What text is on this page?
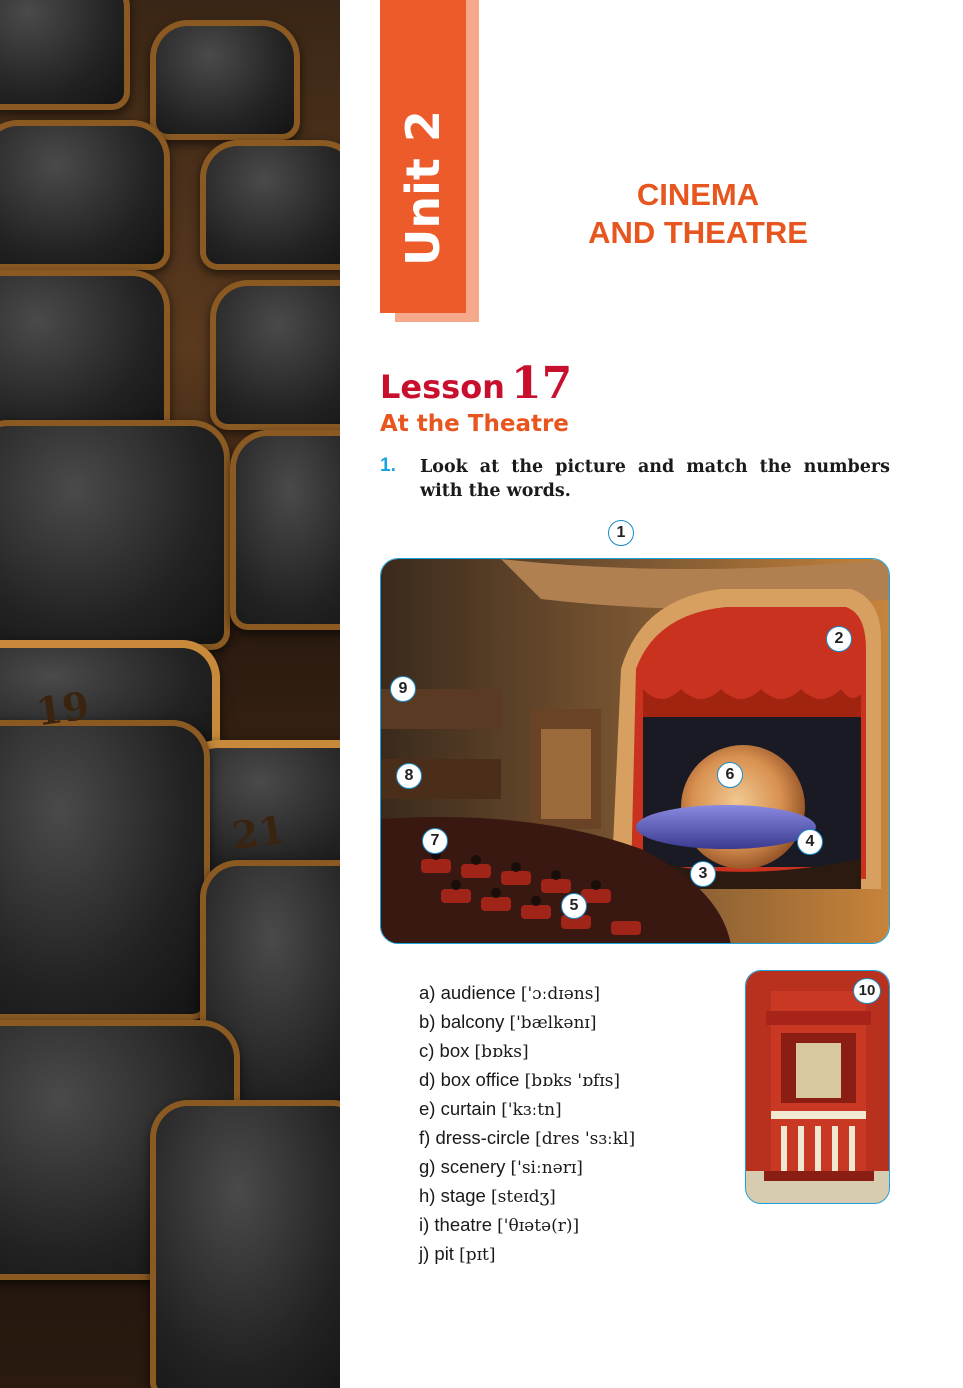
19
21
Unit 2	CINEMA
AND THEATRE
Lesson 17
At the Theatre
1. Look at the picture and match the numbers with the words.
1
2
3
4
5
6
7
8
9
a) audience ['ɔːdɪəns]
b) balcony ['bælkənɪ]
c) box [bɒks]
d) box office [bɒks 'ɒfɪs]
e) curtain ['kɜːtn]
f) dress-circle [dres 'sɜːkl]
g) scenery ['siːnərɪ]
h) stage [steɪdʒ]
i) theatre ['θɪətə(r)]
j) pit [pɪt]
10
